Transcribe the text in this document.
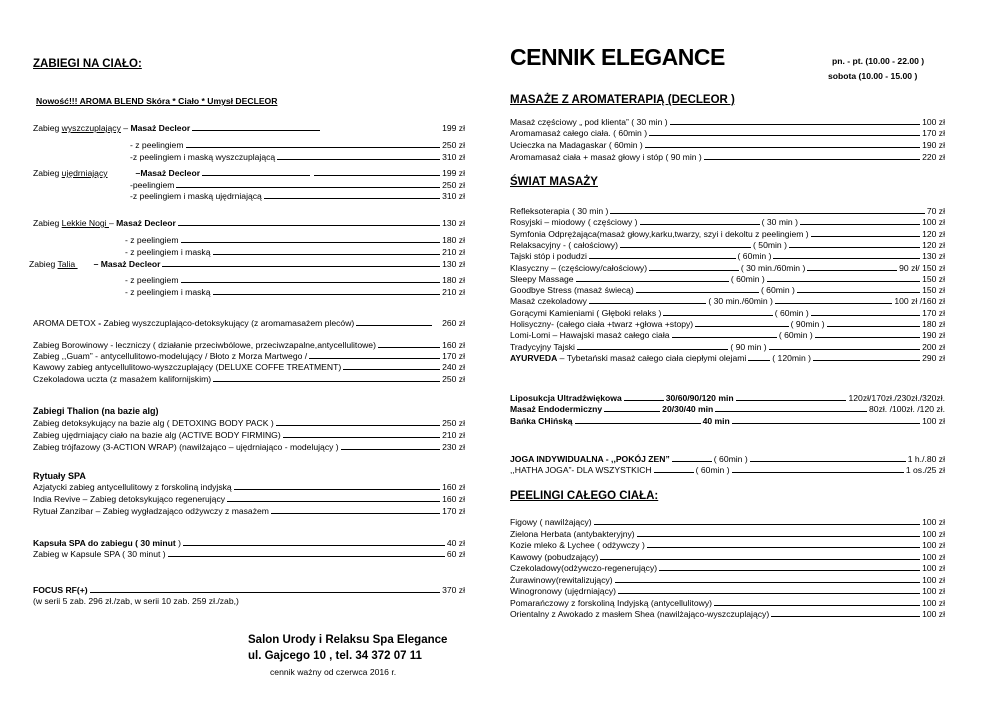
CENNIK ELEGANCE	pn. - pt. (10.00 - 22.00 )
sobota (10.00 - 15.00 )
ZABIEGI NA CIAŁO:
Nowość!!! AROMA BLEND Skóra * Ciało * Umysł DECLEOR
Zabieg wyszczuplający – Masaż Decleor	199 zł
- z peelingiem	250 zł
-z peelingiem i maską wyszczuplającą	310 zł
Zabieg ujędrniający	–Masaż Decleor	199 zł
-peelingiem	250 zł
-z peelingiem i maską ujędrniającą	310 zł
Zabieg Lekkie Nogi – Masaż Decleor	130 zł
- z peelingiem	180 zł
- z peelingiem i maską	210 zł
Zabieg Talia – Masaż Decleor	130 zł
- z peelingiem	180 zł
- z peelingiem i maską	210 zł
AROMA DETOX - Zabieg wyszczuplająco-detoksykujący (z aromamasażem pleców)	260 zł
Zabieg Borowinowy - leczniczy ( działanie przeciwbólowe, przeciwzapalne,antycellulitowe)	160 zł
Zabieg ,,Guam” - antycellulitowo-modelujący / Błoto z Morza Martwego /	170 zł
Kawowy zabieg antycellulitowo-wyszczuplający (DELUXE COFFE TREATMENT)	240 zł
Czekoladowa uczta (z masażem kalifornijskim)	250 zł
Zabiegi Thalion (na bazie alg)
Zabieg detoksykujący na bazie alg ( DETOXING BODY PACK )	250 zł
Zabieg ujędrniający ciało na bazie alg (ACTIVE BODY FIRMING)	210 zł
Zabieg trójfazowy (3-ACTION WRAP) (nawilżająco – ujędrniająco - modelujący )	230 zł
Rytuały SPA
Azjatycki zabieg antycellulitowy z forskoliną indyjską	160 zł
India Revive – Zabieg detoksykująco regenerujący	160 zł
Rytuał Zanzibar – Zabieg wygładzająco odżywczy z masażem	170 zł
Kapsuła SPA do zabiegu ( 30 minut )	40 zł
Zabieg w Kapsule SPA ( 30 minut )	60 zł
FOCUS RF(+)	370 zł
(w serii 5 zab. 296 zł./zab, w serii 10 zab. 259 zł./zab,)
MASAŻE Z AROMATERAPIĄ (DECLEOR )
Masaż częściowy „ pod klienta” ( 30 min )	100 zł
Aromamasaż całego ciała. ( 60min )	170 zł
Ucieczka na Madagaskar ( 60min )	190 zł
Aromamasaż ciała + masaż głowy i stóp ( 90 min )	220 zł
ŚWIAT MASAŻY
Refleksoterapia ( 30 min )	70 zł
Rosyjski – miodowy ( częściowy )	( 30 min )	100 zł
Symfonia Odprężająca(masaż głowy,karku,twarzy, szyi i dekoltu z peelingiem )	120 zł
Relaksacyjny - ( całościowy)	( 50min )	120 zł
Tajski stóp i podudzi	( 60min )	130 zł
Klasyczny – (częściowy/całościowy)	( 30 min./60min )	90 zł/ 150 zł
Sleepy Massage	( 60min )	150 zł
Goodbye Stress (masaż świecą)	( 60min )	150 zł
Masaż czekoladowy	( 30 min./60min )	100 zł /160 zł
Gorącymi Kamieniami ( Głęboki relaks )	( 60min )	170 zł
Holisyczny- (całego ciała +twarz +głowa +stopy)	( 90min )	180 zł
Lomi-Lomi – Hawajski masaż całego ciała	( 60min )	190 zł
Tradycyjny Tajski	( 90 min )	200 zł
AYURVEDA – Tybetański masaż całego ciała ciepłymi olejami	( 120min )	290 zł
Liposukcja Ultradźwiękowa	30/60/90/120 min	120zł/170zł./230zł./320zł.
Masaż Endodermiczny	20/30/40 min	80zł. /100zł. /120 zł.
Bańka CHińską	40 min	100 zł
JOGA INDYWIDUALNA - ,,POKÓJ ZEN”	( 60min )	1 h./.80 zł
,,HATHA JOGA”- DLA WSZYSTKICH	( 60min )	1 os./25 zł
PEELINGI CAŁEGO CIAŁA:
Figowy ( nawilżający)	100 zł
Zielona Herbata (antybakteryjny)	100 zł
Kozie mleko & Lychee ( odżywczy )	100 zł
Kawowy (pobudzający)	100 zł
Czekoladowy(odżywczo-regenerujący)	100 zł
Żurawinowy(rewitalizujący)	100 zł
Winogronowy (ujędrniający)	100 zł
Pomarańczowy z forskoliną Indyjską (antycellulitowy)	100 zł
Orientalny z Awokado z masłem Shea (nawilżająco-wyszczuplający)	100 zł
Salon Urody i Relaksu Spa Elegance
ul. Gajcego 10 , tel. 34 372 07 11
cennik ważny od czerwca 2016 r.
